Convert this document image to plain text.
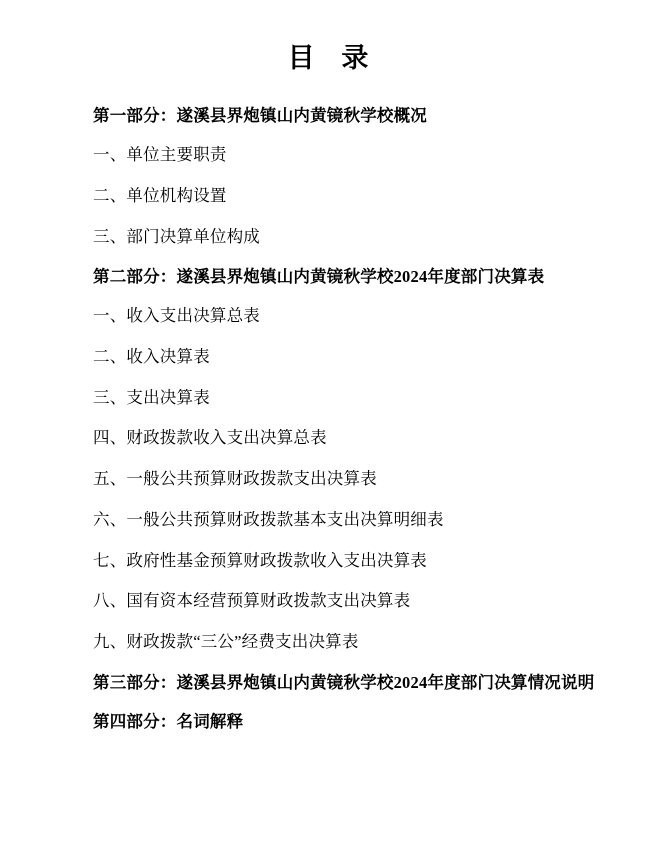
目 录

第一部分：遂溪县界炮镇山内黄镜秋学校概况

一、单位主要职责

二、单位机构设置

三、部门决算单位构成

第二部分：遂溪县界炮镇山内黄镜秋学校2024年度部门决算表

一、收入支出决算总表

二、收入决算表

三、支出决算表

四、财政拨款收入支出决算总表

五、一般公共预算财政拨款支出决算表

六、一般公共预算财政拨款基本支出决算明细表

七、政府性基金预算财政拨款收入支出决算表

八、国有资本经营预算财政拨款支出决算表

九、财政拨款“三公”经费支出决算表

第三部分：遂溪县界炮镇山内黄镜秋学校2024年度部门决算情况说明

第四部分：名词解释
